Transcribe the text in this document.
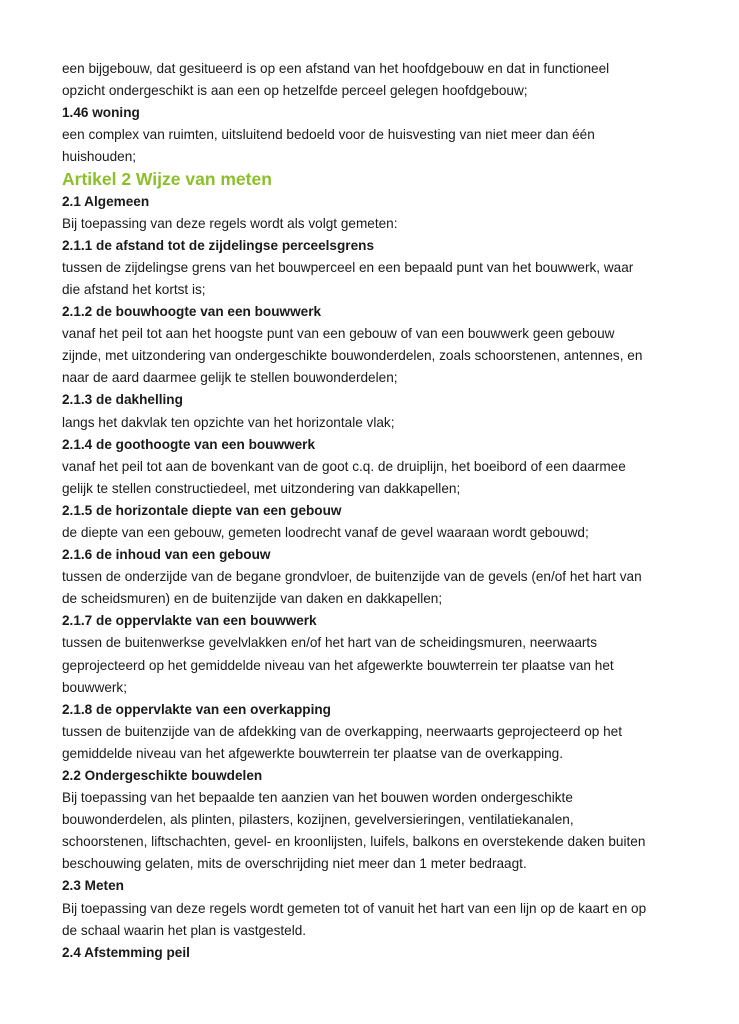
een bijgebouw, dat gesitueerd is op een afstand van het hoofdgebouw en dat in functioneel
opzicht ondergeschikt is aan een op hetzelfde perceel gelegen hoofdgebouw;
1.46 woning
een complex van ruimten, uitsluitend bedoeld voor de huisvesting van niet meer dan één
huishouden;
Artikel 2 Wijze van meten
2.1 Algemeen
Bij toepassing van deze regels wordt als volgt gemeten:
2.1.1 de afstand tot de zijdelingse perceelsgrens
tussen de zijdelingse grens van het bouwperceel en een bepaald punt van het bouwwerk, waar
die afstand het kortst is;
2.1.2 de bouwhoogte van een bouwwerk
vanaf het peil tot aan het hoogste punt van een gebouw of van een bouwwerk geen gebouw
zijnde, met uitzondering van ondergeschikte bouwonderdelen, zoals schoorstenen, antennes, en
naar de aard daarmee gelijk te stellen bouwonderdelen;
2.1.3 de dakhelling
langs het dakvlak ten opzichte van het horizontale vlak;
2.1.4 de goothoogte van een bouwwerk
vanaf het peil tot aan de bovenkant van de goot c.q. de druiplijn, het boeibord of een daarmee
gelijk te stellen constructiedeel, met uitzondering van dakkapellen;
2.1.5 de horizontale diepte van een gebouw
de diepte van een gebouw, gemeten loodrecht vanaf de gevel waaraan wordt gebouwd;
2.1.6 de inhoud van een gebouw
tussen de onderzijde van de begane grondvloer, de buitenzijde van de gevels (en/of het hart van
de scheidsmuren) en de buitenzijde van daken en dakkapellen;
2.1.7 de oppervlakte van een bouwwerk
tussen de buitenwerkse gevelvlakken en/of het hart van de scheidingsmuren, neerwaarts
geprojecteerd op het gemiddelde niveau van het afgewerkte bouwterrein ter plaatse van het
bouwwerk;
2.1.8 de oppervlakte van een overkapping
tussen de buitenzijde van de afdekking van de overkapping, neerwaarts geprojecteerd op het
gemiddelde niveau van het afgewerkte bouwterrein ter plaatse van de overkapping.
2.2 Ondergeschikte bouwdelen
Bij toepassing van het bepaalde ten aanzien van het bouwen worden ondergeschikte
bouwonderdelen, als plinten, pilasters, kozijnen, gevelversieringen, ventilatiekanalen,
schoorstenen, liftschachten, gevel- en kroonlijsten, luifels, balkons en overstekende daken buiten
beschouwing gelaten, mits de overschrijding niet meer dan 1 meter bedraagt.
2.3 Meten
Bij toepassing van deze regels wordt gemeten tot of vanuit het hart van een lijn op de kaart en op
de schaal waarin het plan is vastgesteld.
2.4 Afstemming peil
